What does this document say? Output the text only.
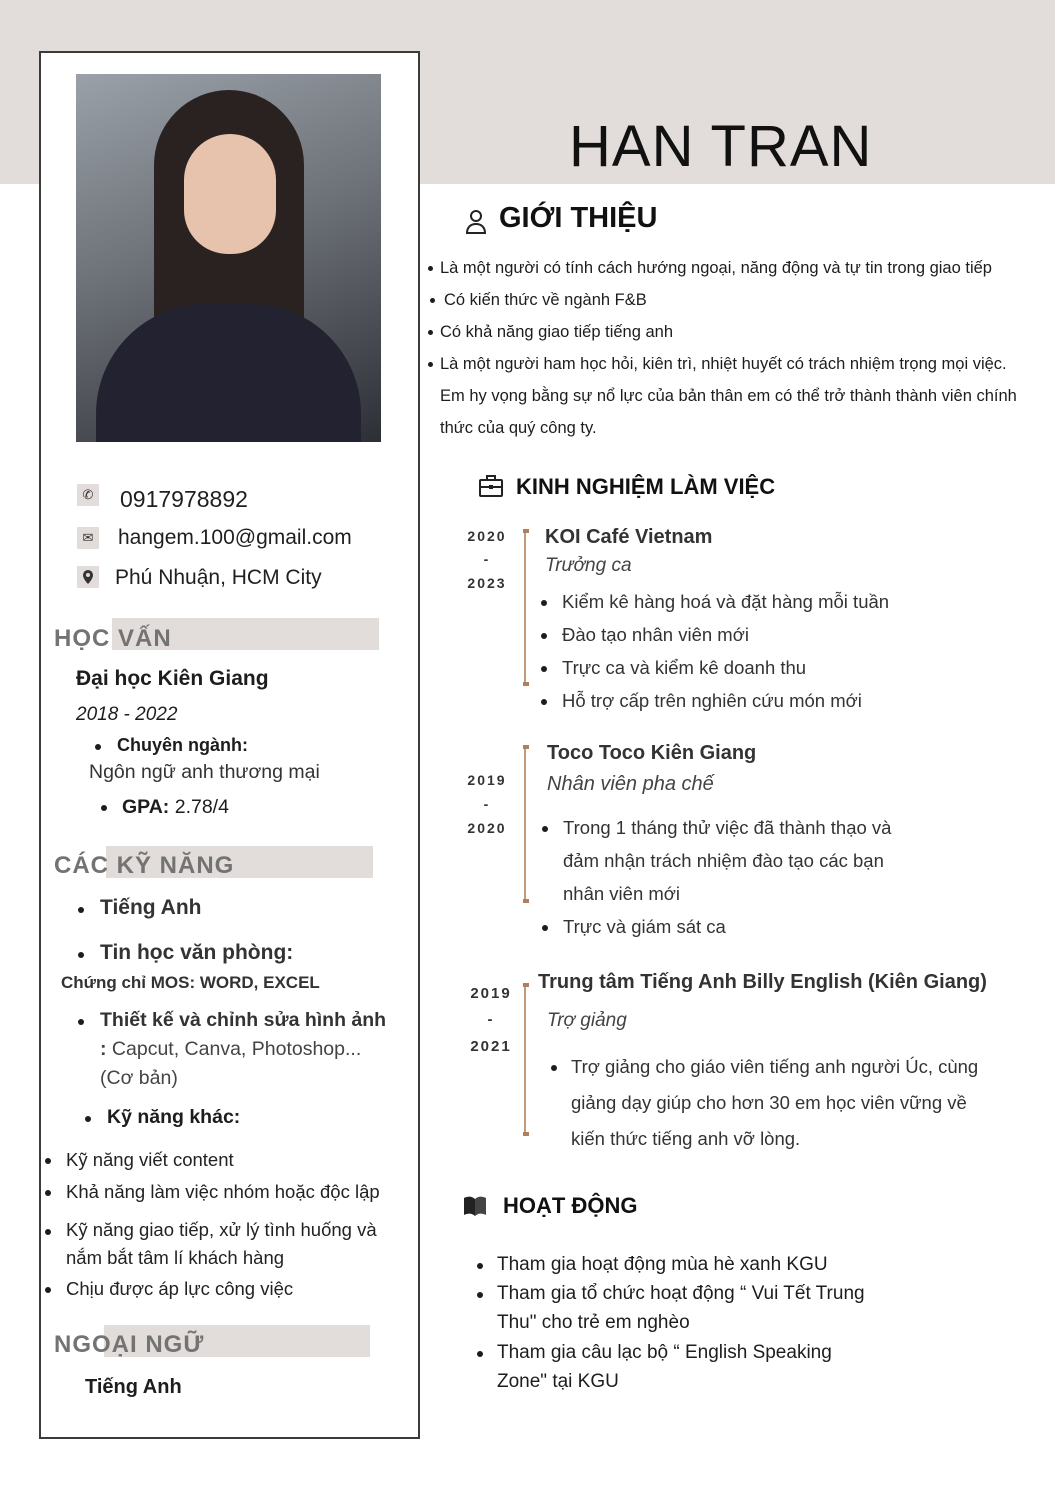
✆ 0917978892
✉ hangem.100@gmail.com
Phú Nhuận, HCM City
HỌC VẤN
Đại học Kiên Giang
2018 - 2022
Chuyên ngành:
Ngôn ngữ anh thương mại
GPA: 2.78/4
CÁC KỸ NĂNG
Tiếng Anh
Tin học văn phòng:
Chứng chỉ MOS: WORD, EXCEL
Thiết kế và chỉnh sửa hình ảnh
: Capcut, Canva, Photoshop...
(Cơ bản)
Kỹ năng khác:
Kỹ năng viết content
Khả năng làm việc nhóm hoặc độc lập
Kỹ năng giao tiếp, xử lý tình huống và
nắm bắt tâm lí khách hàng
Chịu được áp lực công việc
NGOẠI NGỮ
Tiếng Anh
HAN TRAN
GIỚI THIỆU
Là một người có tính cách hướng ngoại, năng động và tự tin trong giao tiếp
Có kiến thức về ngành F&B
Có khả năng giao tiếp tiếng anh
Là một người ham học hỏi, kiên trì, nhiệt huyết có trách nhiệm trọng mọi việc.
Em hy vọng bằng sự nổ lực của bản thân em có thể trở thành thành viên chính
thức của quý công ty.
KINH NGHIỆM LÀM VIỆC
2020
-
2023
KOI Café Vietnam
Trưởng ca
Kiểm kê hàng hoá và đặt hàng mỗi tuần
Đào tạo nhân viên mới
Trực ca và kiểm kê doanh thu
Hỗ trợ cấp trên nghiên cứu món mới
2019
-
2020
Toco Toco Kiên Giang
Nhân viên pha chế
Trong 1 tháng thử việc đã thành thạo và
đảm nhận trách nhiệm đào tạo các bạn
nhân viên mới
Trực và giám sát ca
2019
-
2021
Trung tâm Tiếng Anh Billy English (Kiên Giang)
Trợ giảng
Trợ giảng cho giáo viên tiếng anh người Úc, cùng
giảng dạy giúp cho hơn 30 em học viên vững về
kiến thức tiếng anh vỡ lòng.
HOẠT ĐỘNG
Tham gia hoạt động mùa hè xanh KGU
Tham gia tổ chức hoạt động “ Vui Tết Trung
Thu" cho trẻ em nghèo
Tham gia câu lạc bộ “ English Speaking
Zone" tại KGU
